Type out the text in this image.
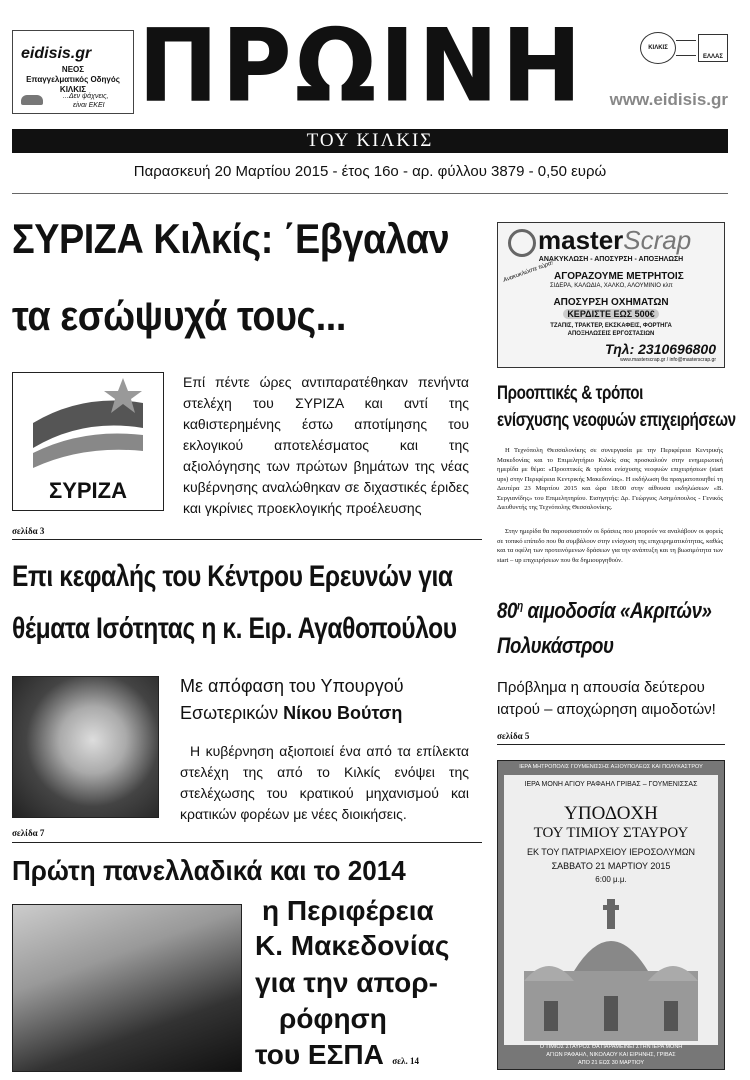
eidisis.gr
ΝΕΟΣ
Επαγγελματικός Οδηγός
ΚΙΛΚΙΣ
...Δεν ψάχνεις,
είναι ΕΚΕΙ ΠΡΩΙΝΗ	ΚΙΛΚΙΣ
ΕΛΛΑΣ
www.eidisis.gr
ΤΟΥ ΚΙΛΚΙΣ
Παρασκευή 20 Μαρτίου 2015 - έτος 16ο - αρ. φύλλου 3879 - 0,50 ευρώ
ΣΥΡΙΖΑ Κιλκίς: ΄Εβγαλαν
τα εσώψυχά τους...
ΣΥΡΙΖΑ
Επί πέντε ώρες αντιπαρατέθηκαν πενήντα στελέχη του ΣΥΡΙΖΑ και αντί της καθιστερημένης έστω αποτίμησης του εκλογικού αποτελέσματος και της αξιολόγησης των πρώτων βημάτων της νέας κυβέρνησης αναλώθηκαν σε διχαστικές έριδες και γκρίνιες προεκλογικής προέλευσης
σελίδα 3
Επι κεφαλής του Κέντρου Ερευνών για
θέματα Ισότητας η κ. Ειρ. Αγαθοπούλου
Με απόφαση του Υπουργού
Εσωτερικών Νίκου Βούτση
Η κυβέρνηση αξιοποιεί ένα από τα επίλεκτα στελέχη της από το Κιλκίς ενόψει της στελέχωσης του κρατικού μηχανισμού και κρατικών φορέων με νέες διοικήσεις.
σελίδα 7
Πρώτη πανελλαδικά και το 2014
η Περιφέρεια
Κ. Μακεδονίας
για την απορ-
ρόφηση
του ΕΣΠΑ σελ. 14
masterScrap
ΑΝΑΚΥΚΛΩΣΗ - ΑΠΟΣΥΡΣΗ - ΑΠΟΞΗΛΩΣΗ
Ανακυκλώστε τώρα! ΑΓΟΡΑΖΟΥΜΕ ΜΕΤΡΗΤΟΙΣ
ΣΙΔΕΡΑ, ΚΑΛΩΔΙΑ, ΧΑΛΚΟ, ΑΛΟΥΜΙΝΙΟ κλπ
ΑΠΟΣΥΡΣΗ ΟΧΗΜΑΤΩΝ
ΚΕΡΔΙΣΤΕ ΕΩΣ 500€
ΤΖΑΠΙΣ, ΤΡΑΚΤΕΡ, ΕΚΣΚΑΦΕΙΣ, ΦΟΡΤΗΓΑ
ΑΠΟΞΗΛΩΣΕΙΣ ΕΡΓΟΣΤΑΣΙΩΝ
Τηλ: 2310696800
www.masterscrap.gr / info@masterscrap.gr
Προοπτικές & τρόποι
ενίσχυσης νεοφυών επιχειρήσεων
Η Τεχνόπολη Θεσσαλονίκης σε συνεργασία με την Περιφέρεια Κεντρικής Μακεδονίας και το Επιμελητήριο Κιλκίς σας προσκαλούν στην ενημερωτική ημερίδα με θέμα: «Προοπτικές & τρόποι ενίσχυσης νεοφυών επιχειρήσεων (start ups) στην Περιφέρεια Κεντρικής Μακεδονίας». Η εκδήλωση θα πραγματοποιηθεί τη Δευτέρα 23 Μαρτίου 2015 και ώρα 18:00 στην αίθουσα εκδηλώσεων «Β. Σεργιανίδης» του Επιμελητηρίου. Εισηγητής: Δρ. Γεώργιος Ασημόπουλος - Γενικός Διευθυντής της Τεχνόπολης Θεσσαλονίκης.
Στην ημερίδα θα παρουσιαστούν οι δράσεις που μπορούν να αναλάβουν οι φορείς σε τοπικό επίπεδο που θα συμβάλουν στην ενίσχυση της επιχειρηματικότητας, καθώς και τα οφέλη των προτεινόμενων δράσεων για την ανάπτυξη και τη βιωσιμότητα των start – up επιχειρήσεων που θα δημιουργηθούν.
$80^\eta$ αιμοδοσία «Ακριτών»
Πολυκάστρου
Πρόβλημα η απουσία δεύτερου ιατρού – αποχώρηση αιμοδοτών!
σελίδα 5
ΙΕΡΑ ΜΗΤΡΟΠΟΛΙΣ ΓΟΥΜΕΝΙΣΣΗΣ ΑΞΙΟΥΠΟΛΕΩΣ ΚΑΙ ΠΟΛΥΚΑΣΤΡΟΥ
ΙΕΡΑ ΜΟΝΗ ΑΓΙΟΥ ΡΑΦΑΗΛ ΓΡΙΒΑΣ – ΓΟΥΜΕΝΙΣΣΑΣ
ΥΠΟΔΟΧΗ
ΤΟΥ ΤΙΜΙΟΥ ΣΤΑΥΡΟΥ
ΕΚ ΤΟΥ ΠΑΤΡΙΑΡΧΕΙΟΥ ΙΕΡΟΣΟΛΥΜΩΝ
ΣΑΒΒΑΤΟ 21 ΜΑΡΤΙΟΥ 2015
6:00 μ.μ.
Ο ΤΙΜΙΟΣ ΣΤΑΥΡΟΣ ΘΑ ΠΑΡΑΜΕΙΝΕΙ ΣΤΗΝ ΙΕΡΑ ΜΟΝΗ
ΑΓΙΩΝ ΡΑΦΑΗΛ, ΝΙΚΟΛΑΟΥ ΚΑΙ ΕΙΡΗΝΗΣ, ΓΡΙΒΑΣ
ΑΠΟ 21 ΕΩΣ 30 ΜΑΡΤΙΟΥ
